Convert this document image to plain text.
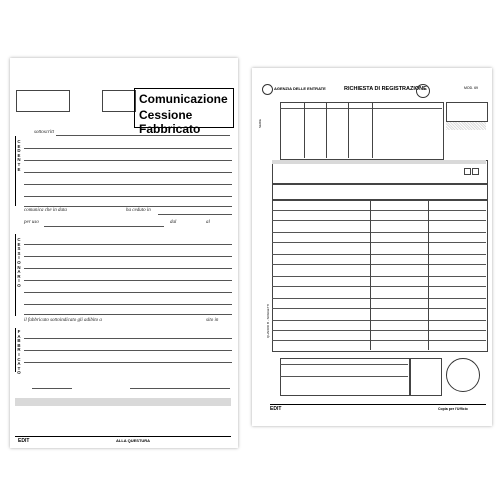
Comunicazione
Cessione Fabbricato
sottoscritt
C
E
D
E
N
T
E
comunica che in data	ha ceduto in
per uso	dal	al
C
E
S
S
I
O
N
A
R
I
O
il fabbricato sottoindicato gli adibito a	sito in
F
A
B
B
R
I
C
A
T
O
EDIT	ALLA QUESTURA
AGENZIA DELLE ENTRATE	RICHIESTA DI REGISTRAZIONE	MOD. 69
SERIE
QUADRO B - SOGGETTI
EDIT	Copia per l'Ufficio
